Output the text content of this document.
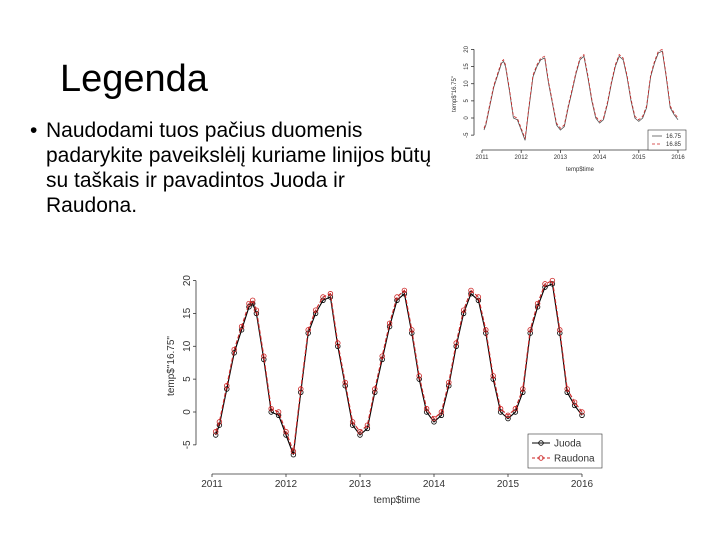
Legenda
• Naudodami tuos pačius duomenis padarykite paveikslėlį kuriame linijos būtų su taškais ir pavadintos Juoda ir Raudona.
-5
0
5
10
15
20
2011	2012	2013	2014	2015	2016
temp$time
temp$"16.75"
16.75
16.85
-5
0
5
10
15
20
2011	2012	2013	2014	2015	2016
temp$time
temp$"16.75"
Juoda
Raudona
